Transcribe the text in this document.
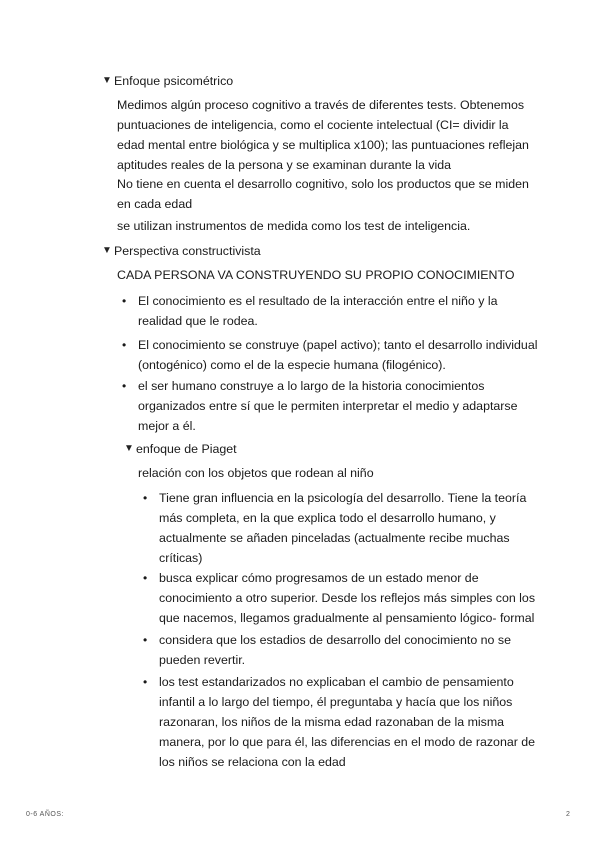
▼ Enfoque psicométrico
Medimos algún proceso cognitivo a través de diferentes tests. Obtenemos
puntuaciones de inteligencia, como el cociente intelectual (CI= dividir la
edad mental entre biológica y se multiplica x100); las puntuaciones reflejan
aptitudes reales de la persona y se examinan durante la vida
No tiene en cuenta el desarrollo cognitivo, solo los productos que se miden
en cada edad
se utilizan instrumentos de medida como los test de inteligencia.
▼ Perspectiva constructivista
CADA PERSONA VA CONSTRUYENDO SU PROPIO CONOCIMIENTO
• El conocimiento es el resultado de la interacción entre el niño y la
realidad que le rodea.
• El conocimiento se construye (papel activo); tanto el desarrollo individual
(ontogénico) como el de la especie humana (filogénico).
• el ser humano construye a lo largo de la historia conocimientos
organizados entre sí que le permiten interpretar el medio y adaptarse
mejor a él.
▼ enfoque de Piaget
relación con los objetos que rodean al niño
• Tiene gran influencia en la psicología del desarrollo. Tiene la teoría
más completa, en la que explica todo el desarrollo humano, y
actualmente se añaden pinceladas (actualmente recibe muchas
críticas)
• busca explicar cómo progresamos de un estado menor de
conocimiento a otro superior. Desde los reflejos más simples con los
que nacemos, llegamos gradualmente al pensamiento lógico- formal
• considera que los estadios de desarrollo del conocimiento no se
pueden revertir.
• los test estandarizados no explicaban el cambio de pensamiento
infantil a lo largo del tiempo, él preguntaba y hacía que los niños
razonaran, los niños de la misma edad razonaban de la misma
manera, por lo que para él, las diferencias en el modo de razonar de
los niños se relaciona con la edad
0-6 AÑOS:	2
